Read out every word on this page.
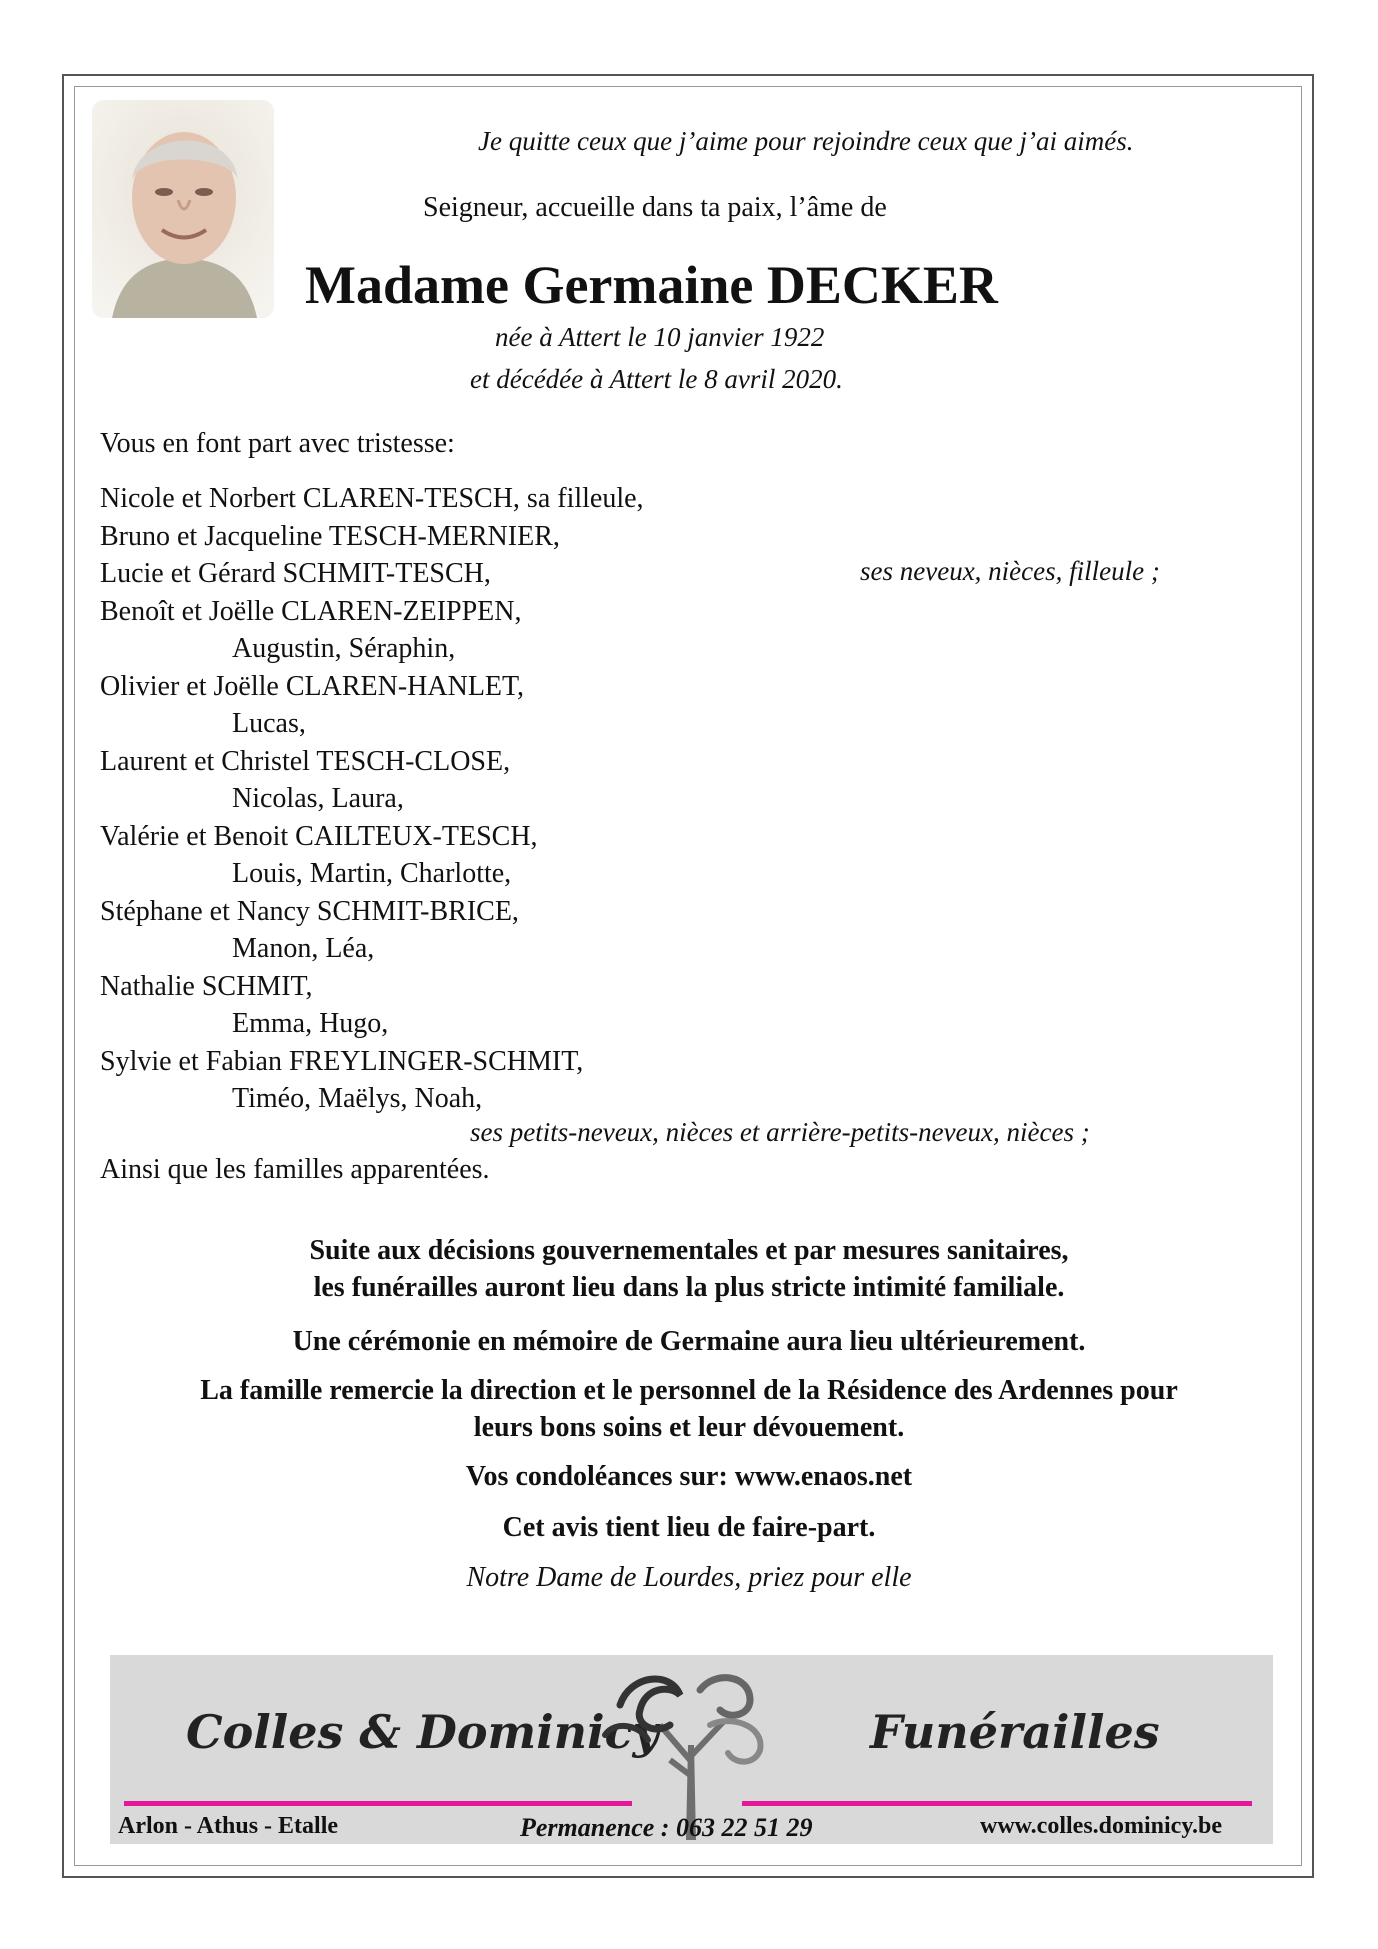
Je quitte ceux que j’aime pour rejoindre ceux que j’ai aimés.
Seigneur, accueille dans ta paix, l’âme de
Madame Germaine DECKER
née à Attert le 10 janvier 1922
et décédée à Attert le 8 avril 2020.
Vous en font part avec tristesse:
Nicole et Norbert CLAREN-TESCH, sa filleule,
Bruno et Jacqueline TESCH-MERNIER,
Lucie et Gérard SCHMIT-TESCH,
Benoît et Joëlle CLAREN-ZEIPPEN,
Augustin, Séraphin,
Olivier et Joëlle CLAREN-HANLET,
Lucas,
Laurent et Christel TESCH-CLOSE,
Nicolas, Laura,
Valérie et Benoit CAILTEUX-TESCH,
Louis, Martin, Charlotte,
Stéphane et Nancy SCHMIT-BRICE,
Manon, Léa,
Nathalie SCHMIT,
Emma, Hugo,
Sylvie et Fabian FREYLINGER-SCHMIT,
Timéo, Maëlys, Noah,
ses neveux, nièces, filleule ;
ses petits-neveux, nièces et arrière-petits-neveux, nièces ;
Ainsi que les familles apparentées.
Suite aux décisions gouvernementales et par mesures sanitaires,
les funérailles auront lieu dans la plus stricte intimité familiale.
Une cérémonie en mémoire de Germaine aura lieu ultérieurement.
La famille remercie la direction et le personnel de la Résidence des Ardennes pour
leurs bons soins et leur dévouement.
Vos condoléances sur: www.enaos.net
Cet avis tient lieu de faire-part.
Notre Dame de Lourdes, priez pour elle
Colles & Dominicy	Funérailles
Arlon - Athus - Etalle	Permanence : 063 22 51 29	www.colles.dominicy.be
